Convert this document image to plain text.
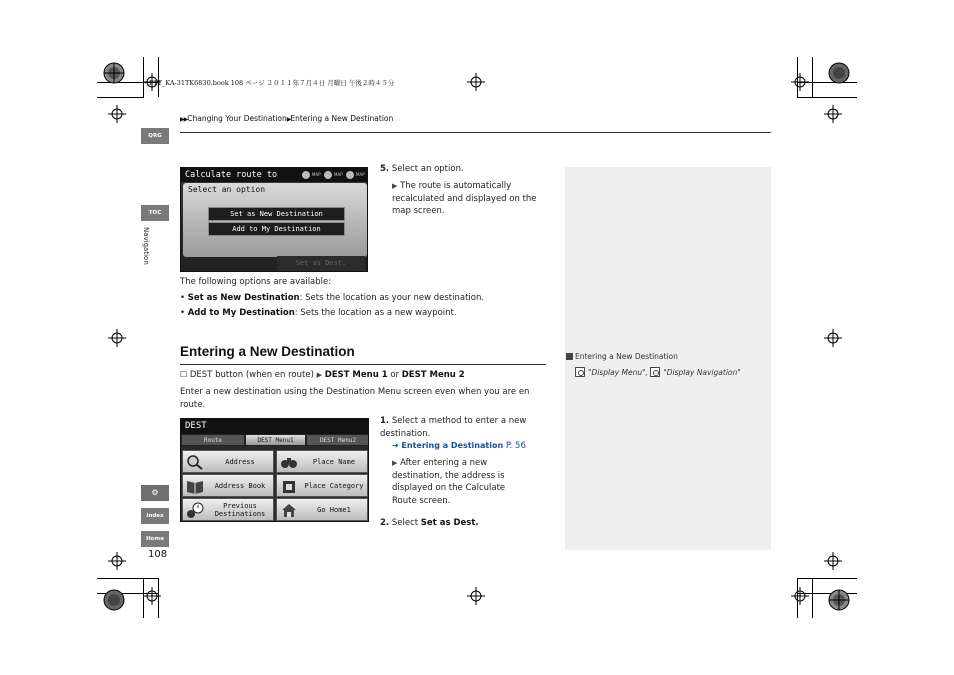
F1T_KA-31TK6830.book 108 ページ ２０１１年７月４日 月曜日 午後２時４５分
▶▶Changing Your Destination▶Entering a New Destination
QRG
TOC
Navigation
⚙
Index
Home
108
Entering a New Destination
"Display Menu", "Display Navigation"
Calculate route to	MAP	MAP	MAP
Select an option
Set as New Destination
Add to My Destination
Set as Dest.
5. Select an option.
▶ The route is automatically recalculated and displayed on the map screen.
The following options are available:
• Set as New Destination: Sets the location as your new destination.
• Add to My Destination: Sets the location as a new waypoint.
Entering a New Destination
☐ DEST button (when en route) ▶ DEST Menu 1 or DEST Menu 2
Enter a new destination using the Destination Menu screen even when you are en route.
DEST
Route	DEST Menu1	DEST Menu2
Address	Place Name
Address Book	Place Category
Previous Destinations	Go Home1
1. Select a method to enter a new destination.
➔ Entering a Destination P. 56
▶ After entering a new destination, the address is displayed on the Calculate Route screen.
2. Select Set as Dest.
